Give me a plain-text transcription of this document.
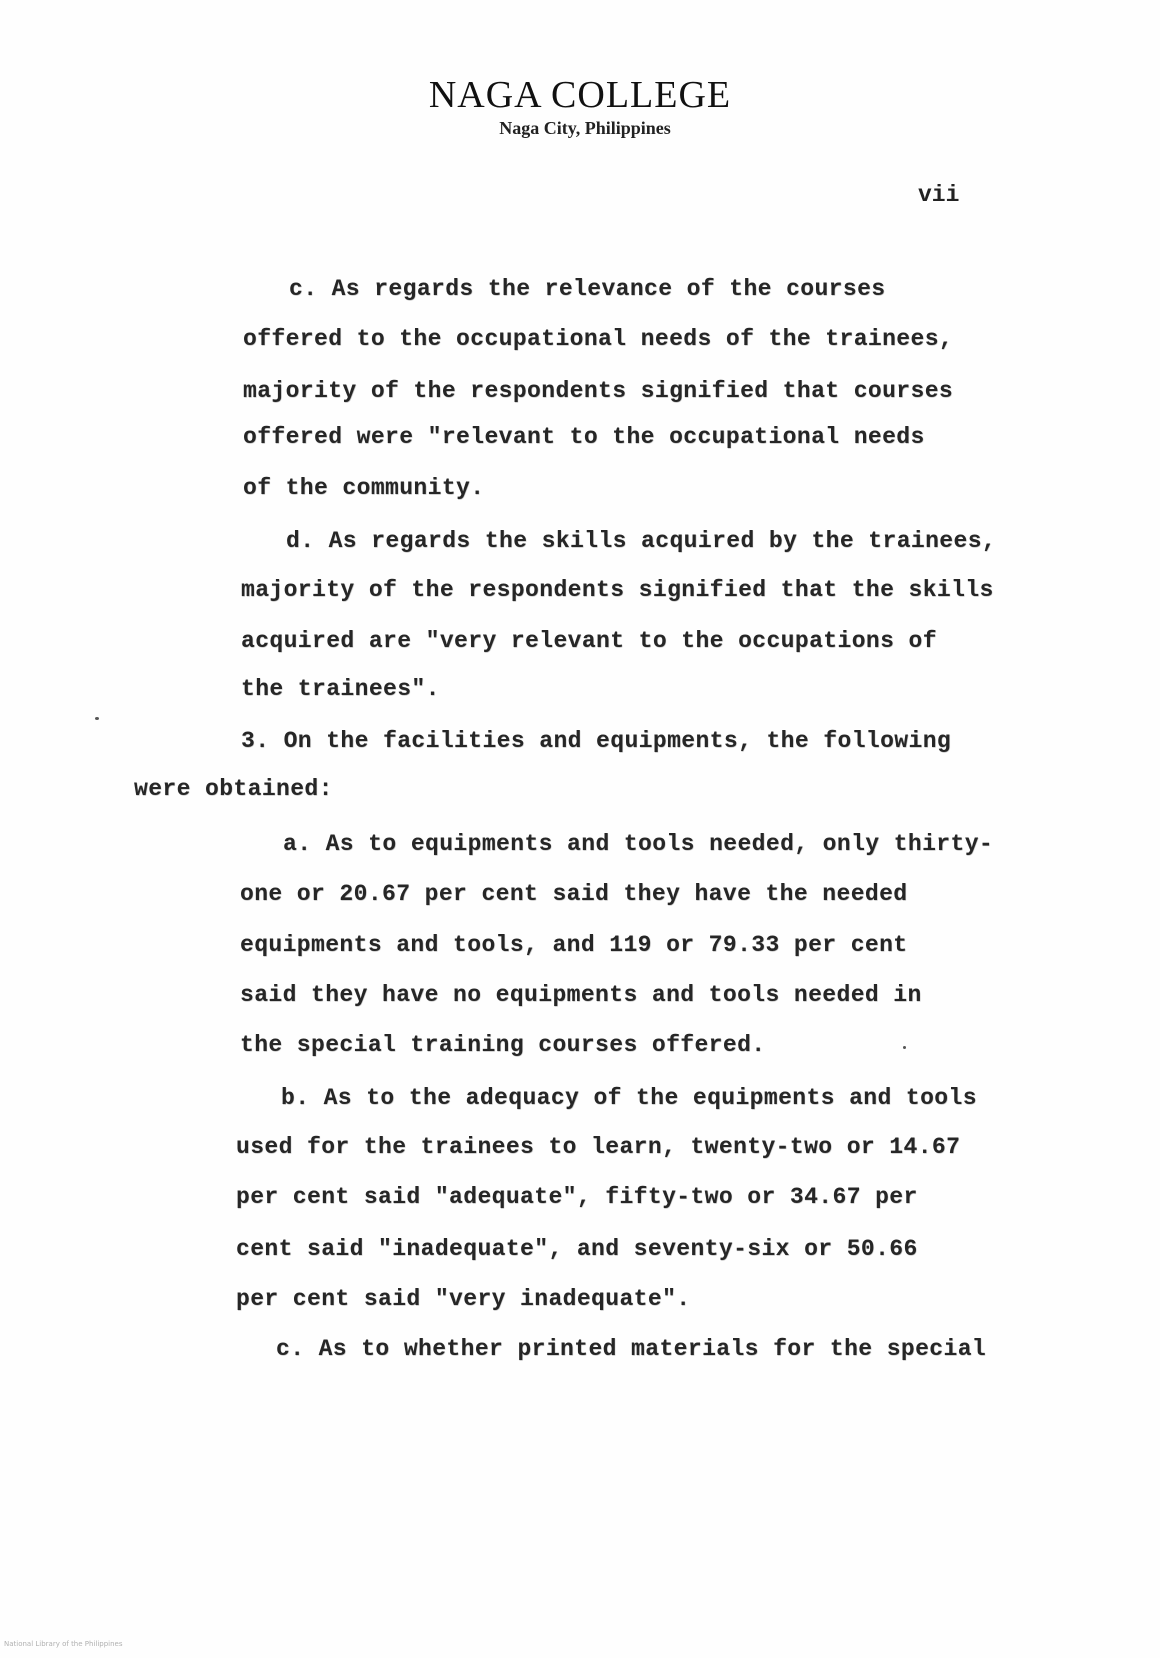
NAGA COLLEGE
Naga City, Philippines
vii
c. As regards the relevance of the courses
offered to the occupational needs of the trainees,
majority of the respondents signified that courses
offered were "relevant to the occupational needs
of the community.
d. As regards the skills acquired by the trainees,
majority of the respondents signified that the skills
acquired are "very relevant to the occupations of
the trainees".
3. On the facilities and equipments, the following
were obtained:
a. As to equipments and tools needed, only thirty-
one or 20.67 per cent said they have the needed
equipments and tools, and 119 or 79.33 per cent
said they have no equipments and tools needed in
the special training courses offered.
b. As to the adequacy of the equipments and tools
used for the trainees to learn, twenty-two or 14.67
per cent said "adequate", fifty-two or 34.67 per
cent said "inadequate", and seventy-six or 50.66
per cent said "very inadequate".
c. As to whether printed materials for the special
National Library of the Philippines
